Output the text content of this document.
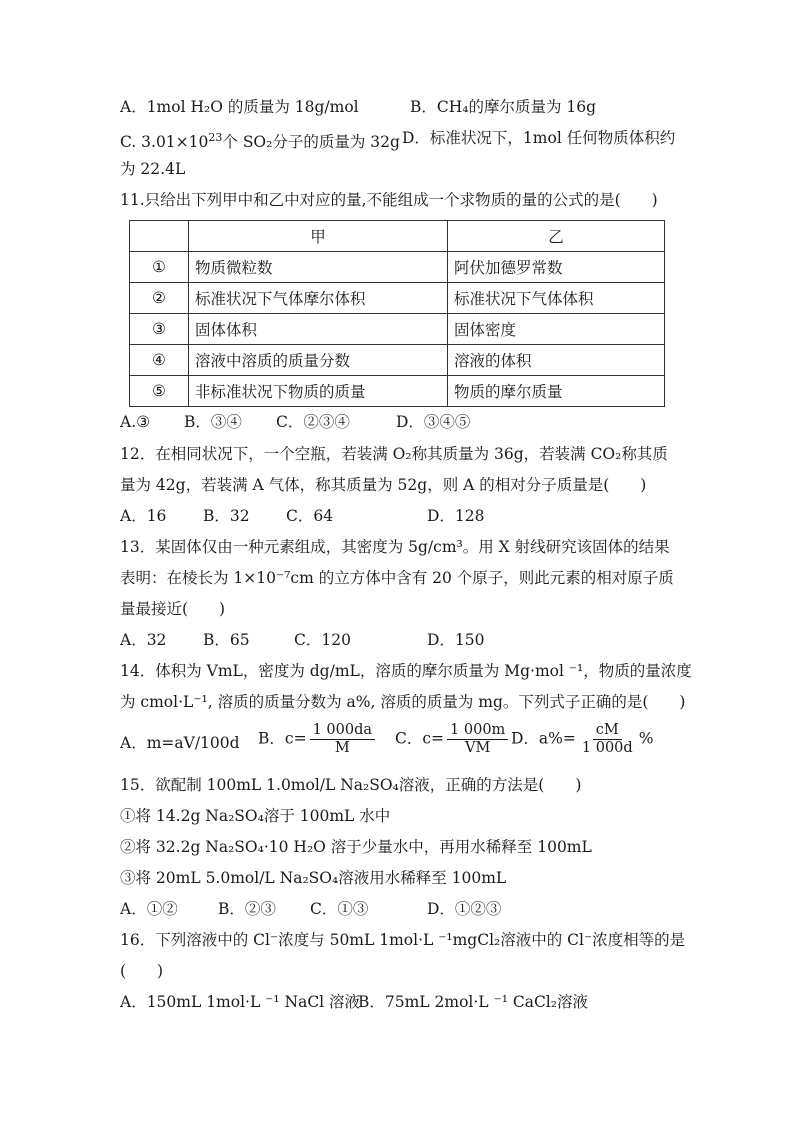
A．1mol H₂O 的质量为 18g/mol	B．CH₄的摩尔质量为 16g
C. $3.01\times 10^{23}$个 SO₂分子的质量为 32g D．标准状况下，1mol 任何物质体积约
为 22.4L
11.只给出下列甲中和乙中对应的量,不能组成一个求物质的量的公式的是(　　)
	甲	乙
①	物质微粒数	阿伏加德罗常数
②	标准状况下气体摩尔体积	标准状况下气体体积
③	固体体积	固体密度
④	溶液中溶质的质量分数	溶液的体积
⑤	非标准状况下物质的质量	物质的摩尔质量
A.③ B．③④ C．②③④	D．③④⑤
12．在相同状况下，一个空瓶，若装满 O₂称其质量为 36g，若装满 CO₂称其质
量为 42g，若装满 A 气体，称其质量为 52g，则 A 的相对分子质量是(　　)
A．16 B．32 C．64	D．128
13．某固体仅由一种元素组成，其密度为 5g/cm³。用 X 射线研究该固体的结果
表明：在棱长为 1×10⁻⁷cm 的立方体中含有 20 个原子，则此元素的相对原子质
量最接近(　　)
A．32 B．65	C．120	D．150
14．体积为 VmL，密度为 dg/mL，溶质的摩尔质量为 Mg·mol ⁻¹，物质的量浓度
为 cmol·L⁻¹, 溶质的质量分数为 a%, 溶质的质量为 mg。下列式子正确的是(　　)
A．m=aV/100d B．$c= \frac{1 000da}{M}$ C．$c= \frac{1 000m}{VM}$ D．$a\%= \frac{cM}{1 000d}$ %
15．欲配制 100mL 1.0mol/L Na₂SO₄溶液，正确的方法是(　　)
①将 14.2g Na₂SO₄溶于 100mL 水中
②将 32.2g Na₂SO₄·10 H₂O 溶于少量水中，再用水稀释至 100mL
③将 20mL 5.0mol/L Na₂SO₄溶液用水稀释至 100mL
A．①②	B．②③ C．①③	D．①②③
16．下列溶液中的 Cl⁻浓度与 50mL 1mol·L ⁻¹mgCl₂溶液中的 Cl⁻浓度相等的是
(　　)
A．150mL 1mol·L ⁻¹ NaCl 溶液
B．75mL 2mol·L ⁻¹ CaCl₂溶液
